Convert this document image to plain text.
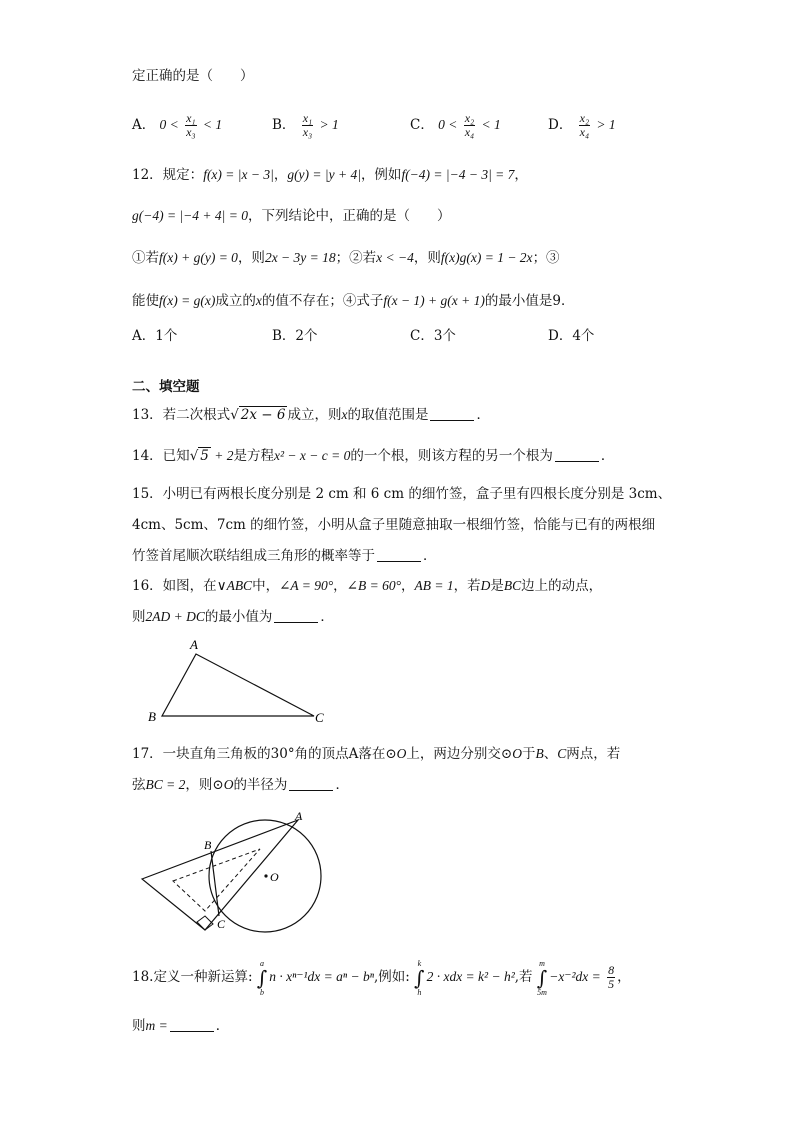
定正确的是（　　）
A． $0 < \frac{\text{x₁}}{\text{x₃}} < 1$	B． $\frac{\text{x₁}}{\text{x₃}} > 1$	C． $0 < \frac{\text{x₂}}{\text{x₄}} < 1$	D． $\frac{\text{x₂}}{\text{x₄}} > 1$
12．规定：f(x) = |x − 3|，g(y) = |y + 4|，例如f(−4) = |−4 − 3| = 7，
g(−4) = |−4 + 4| = 0，下列结论中，正确的是（　　）
①若f(x) + g(y) = 0，则2x − 3y = 18；②若x < −4，则f(x)g(x) = 1 − 2x；③
能使f(x) = g(x)成立的x的值不存在；④式子f(x − 1) + g(x + 1)的最小值是9．
A．1个	B．2个	C．3个	D．4个
二、填空题
13．若二次根式√ 2x − 6 成立，则x的取值范围是	．
14．已知√ 5 + 2是方程x² − x − c = 0的一个根，则该方程的另一个根为	．
15．小明已有两根长度分别是 2 cm 和 6 cm 的细竹签，盒子里有四根长度分别是 3cm、
4cm、5cm、7cm 的细竹签，小明从盒子里随意抽取一根细竹签，恰能与已有的两根细
竹签首尾顺次联结组成三角形的概率等于	．
16．如图，在∨ABC中，∠A = 90°，∠B = 60°，AB = 1，若D是BC边上的动点，
则2AD + DC的最小值为	．
A
B	C
17．一块直角三角板的30°角的顶点A落在⊙O上，两边分别交⊙O于B、C两点，若
弦BC = 2，则⊙O的半径为	．
A
B
C
O
18.定义一种新运算:
a
∫
b
n · xⁿ⁻¹dx = aⁿ − bⁿ,例如:
k
∫
h
2 · xdx = k² − h²,若
m
∫
5m
$-x^{-2}dx = \frac{8}{5}$ ，
则m =	．
